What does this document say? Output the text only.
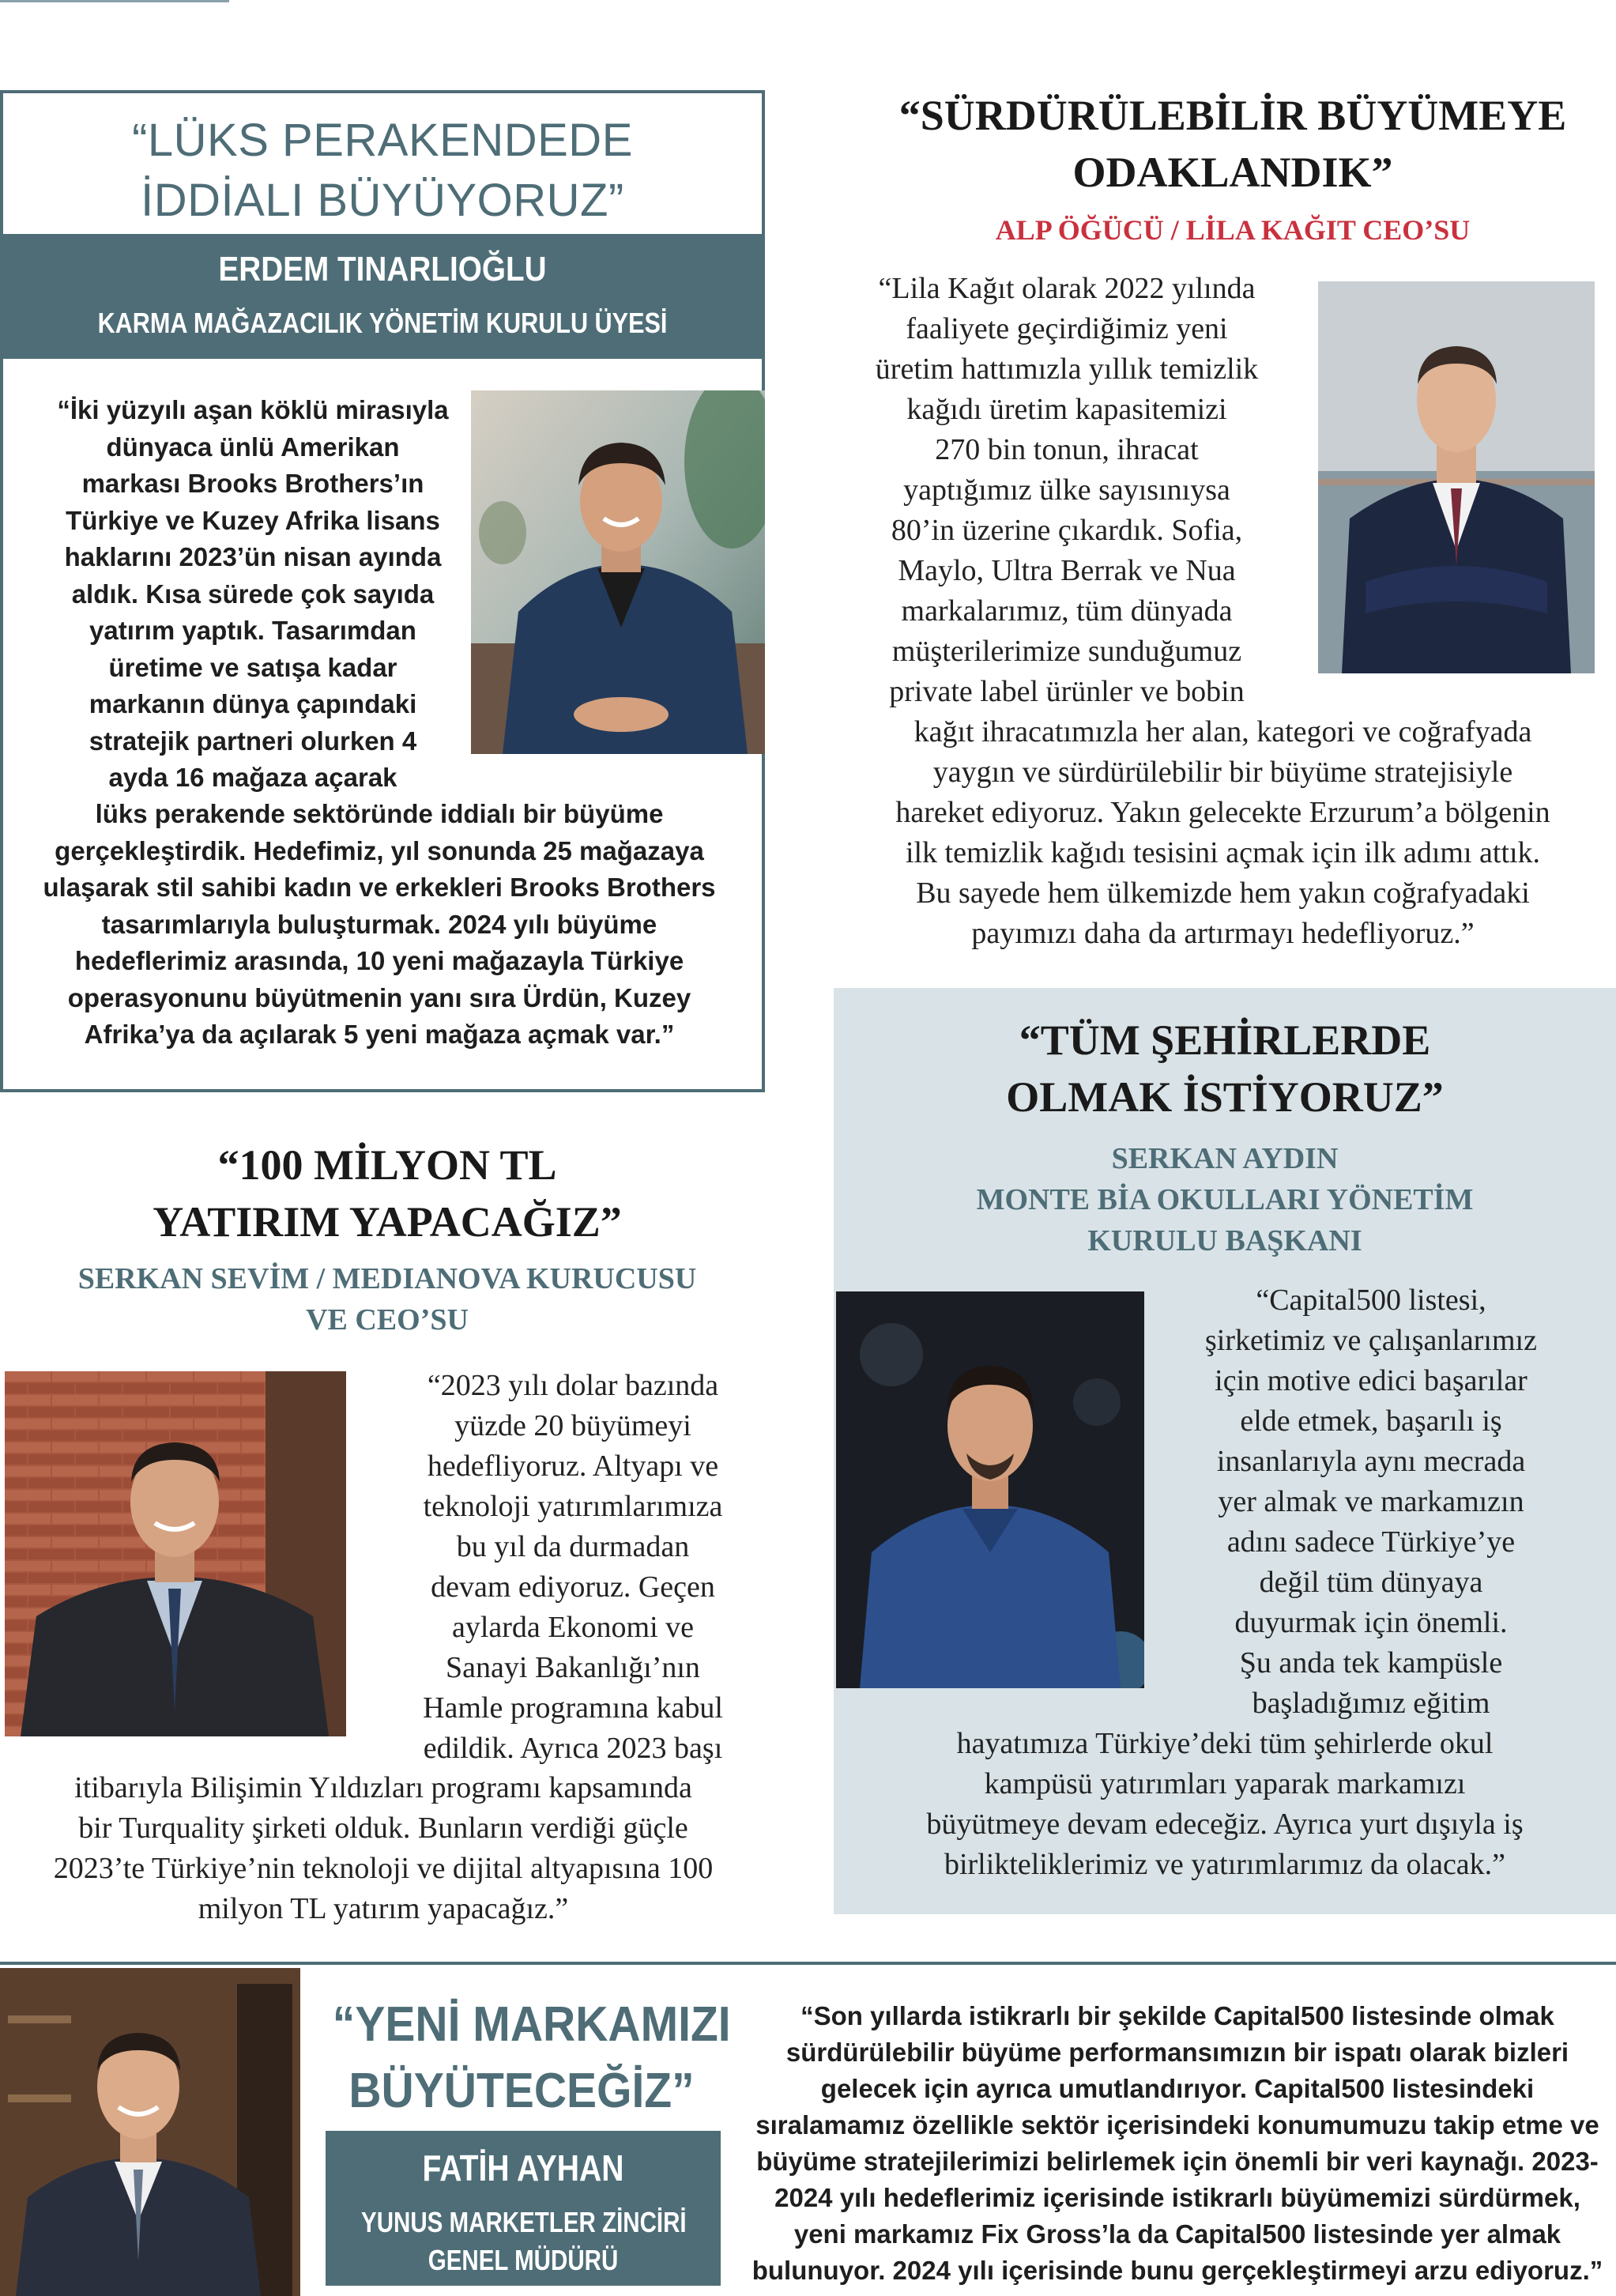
“LÜKS PERAKENDEDE
İDDİALI BÜYÜYORUZ”
ERDEM TINARLIOĞLU
KARMA MAĞAZACILIK YÖNETİM KURULU ÜYESİ
“İki yüzyılı aşan köklü mirasıyla
dünyaca ünlü Amerikan
markası Brooks Brothers’ın
Türkiye ve Kuzey Afrika lisans
haklarını 2023’ün nisan ayında
aldık. Kısa sürede çok sayıda
yatırım yaptık. Tasarımdan
üretime ve satışa kadar
markanın dünya çapındaki
stratejik partneri olurken 4
ayda 16 mağaza açarak
lüks perakende sektöründe iddialı bir büyüme
gerçekleştirdik. Hedefimiz, yıl sonunda 25 mağazaya
ulaşarak stil sahibi kadın ve erkekleri Brooks Brothers
tasarımlarıyla buluşturmak. 2024 yılı büyüme
hedeflerimiz arasında, 10 yeni mağazayla Türkiye
operasyonunu büyütmenin yanı sıra Ürdün, Kuzey
Afrika’ya da açılarak 5 yeni mağaza açmak var.”
“SÜRDÜRÜLEBİLİR BÜYÜMEYE
ODAKLANDIK”
ALP ÖĞÜCÜ / LİLA KAĞIT CEO’SU
“Lila Kağıt olarak 2022 yılında
faaliyete geçirdiğimiz yeni
üretim hattımızla yıllık temizlik
kağıdı üretim kapasitemizi
270 bin tonun, ihracat
yaptığımız ülke sayısınıysa
80’in üzerine çıkardık. Sofia,
Maylo, Ultra Berrak ve Nua
markalarımız, tüm dünyada
müşterilerimize sunduğumuz
private label ürünler ve bobin
kağıt ihracatımızla her alan, kategori ve coğrafyada
yaygın ve sürdürülebilir bir büyüme stratejisiyle
hareket ediyoruz. Yakın gelecekte Erzurum’a bölgenin
ilk temizlik kağıdı tesisini açmak için ilk adımı attık.
Bu sayede hem ülkemizde hem yakın coğrafyadaki
payımızı daha da artırmayı hedefliyoruz.”
“100 MİLYON TL
YATIRIM YAPACAĞIZ”
SERKAN SEVİM / MEDIANOVA KURUCUSU
VE CEO’SU
“2023 yılı dolar bazında
yüzde 20 büyümeyi
hedefliyoruz. Altyapı ve
teknoloji yatırımlarımıza
bu yıl da durmadan
devam ediyoruz. Geçen
aylarda Ekonomi ve
Sanayi Bakanlığı’nın
Hamle programına kabul
edildik. Ayrıca 2023 başı
itibarıyla Bilişimin Yıldızları programı kapsamında
bir Turquality şirketi olduk. Bunların verdiği güçle
2023’te Türkiye’nin teknoloji ve dijital altyapısına 100
milyon TL yatırım yapacağız.”
“TÜM ŞEHİRLERDE
OLMAK İSTİYORUZ”
SERKAN AYDIN
MONTE BİA OKULLARI YÖNETİM
KURULU BAŞKANI
“Capital500 listesi,
şirketimiz ve çalışanlarımız
için motive edici başarılar
elde etmek, başarılı iş
insanlarıyla aynı mecrada
yer almak ve markamızın
adını sadece Türkiye’ye
değil tüm dünyaya
duyurmak için önemli.
Şu anda tek kampüsle
başladığımız eğitim
hayatımıza Türkiye’deki tüm şehirlerde okul
kampüsü yatırımları yaparak markamızı
büyütmeye devam edeceğiz. Ayrıca yurt dışıyla iş
birlikteliklerimiz ve yatırımlarımız da olacak.”
“YENİ MARKAMIZI
BÜYÜTECEĞİZ”
FATİH AYHAN
YUNUS MARKETLER ZİNCİRİ
GENEL MÜDÜRÜ
“Son yıllarda istikrarlı bir şekilde Capital500 listesinde olmak
sürdürülebilir büyüme performansımızın bir ispatı olarak bizleri
gelecek için ayrıca umutlandırıyor. Capital500 listesindeki
sıralamamız özellikle sektör içerisindeki konumumuzu takip etme ve
büyüme stratejilerimizi belirlemek için önemli bir veri kaynağı. 2023-
2024 yılı hedeflerimiz içerisinde istikrarlı büyümemizi sürdürmek,
yeni markamız Fix Gross’la da Capital500 listesinde yer almak
bulunuyor. 2024 yılı içerisinde bunu gerçekleştirmeyi arzu ediyoruz.”
